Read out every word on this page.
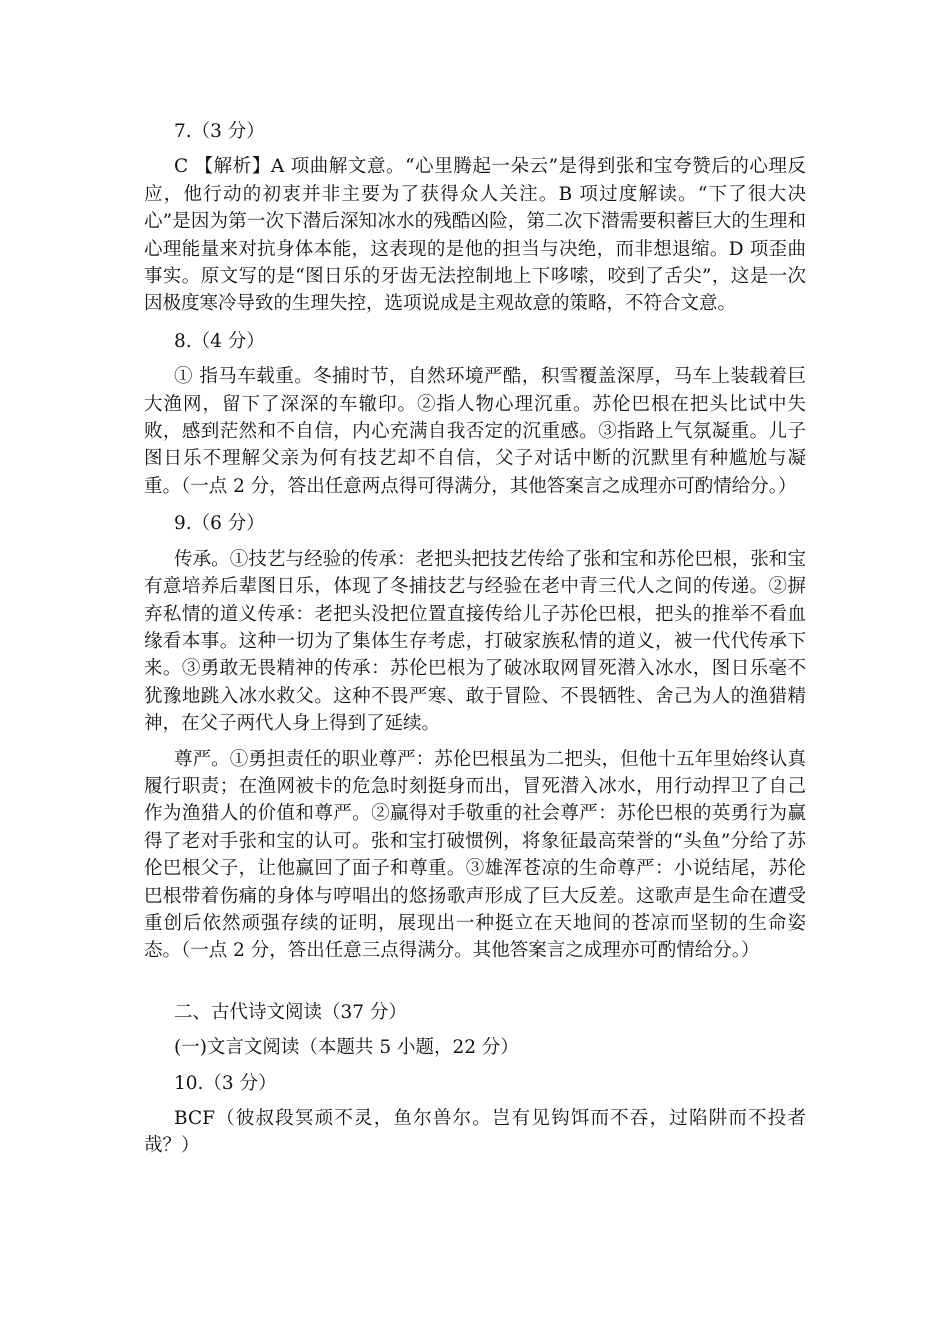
7.（3 分）

C 【解析】A 项曲解文意。“心里腾起一朵云”是得到张和宝夸赞后的心理反应，他行动的初衷并非主要为了获得众人关注。B 项过度解读。“下了很大决心”是因为第一次下潜后深知冰水的残酷凶险，第二次下潜需要积蓄巨大的生理和心理能量来对抗身体本能，这表现的是他的担当与决绝，而非想退缩。D 项歪曲事实。原文写的是“图日乐的牙齿无法控制地上下哆嗦，咬到了舌尖”，这是一次因极度寒冷导致的生理失控，选项说成是主观故意的策略，不符合文意。

8.（4 分）

① 指马车载重。冬捕时节，自然环境严酷，积雪覆盖深厚，马车上装载着巨大渔网，留下了深深的车辙印。②指人物心理沉重。苏伦巴根在把头比试中失败，感到茫然和不自信，内心充满自我否定的沉重感。③指路上气氛凝重。儿子图日乐不理解父亲为何有技艺却不自信，父子对话中断的沉默里有种尴尬与凝重。（一点 2 分，答出任意两点得可得满分，其他答案言之成理亦可酌情给分。）

9.（6 分）

传承。①技艺与经验的传承：老把头把技艺传给了张和宝和苏伦巴根，张和宝有意培养后辈图日乐，体现了冬捕技艺与经验在老中青三代人之间的传递。②摒弃私情的道义传承：老把头没把位置直接传给儿子苏伦巴根，把头的推举不看血缘看本事。这种一切为了集体生存考虑，打破家族私情的道义，被一代代传承下来。③勇敢无畏精神的传承：苏伦巴根为了破冰取网冒死潜入冰水，图日乐毫不犹豫地跳入冰水救父。这种不畏严寒、敢于冒险、不畏牺牲、舍己为人的渔猎精神，在父子两代人身上得到了延续。

尊严。①勇担责任的职业尊严：苏伦巴根虽为二把头，但他十五年里始终认真履行职责；在渔网被卡的危急时刻挺身而出，冒死潜入冰水，用行动捍卫了自己作为渔猎人的价值和尊严。②赢得对手敬重的社会尊严：苏伦巴根的英勇行为赢得了老对手张和宝的认可。张和宝打破惯例，将象征最高荣誉的“头鱼”分给了苏伦巴根父子，让他赢回了面子和尊重。③雄浑苍凉的生命尊严：小说结尾，苏伦巴根带着伤痛的身体与哼唱出的悠扬歌声形成了巨大反差。这歌声是生命在遭受重创后依然顽强存续的证明，展现出一种挺立在天地间的苍凉而坚韧的生命姿态。（一点 2 分，答出任意三点得满分。其他答案言之成理亦可酌情给分。）

二、古代诗文阅读（37 分）

(一)文言文阅读（本题共 5 小题，22 分）

10.（3 分）

BCF（彼叔段冥顽不灵，鱼尔兽尔。岂有见钩饵而不吞，过陷阱而不投者哉？）
